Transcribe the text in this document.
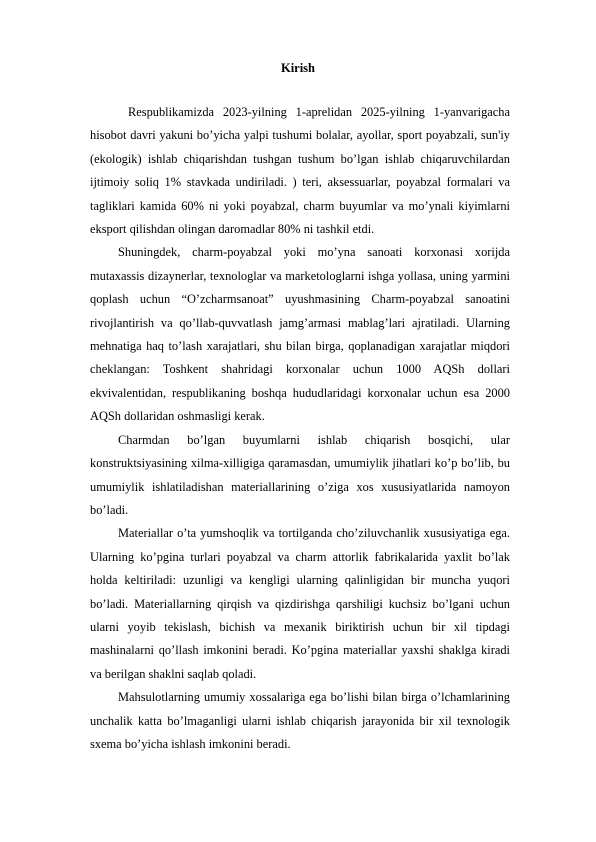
Kirish

Respublikamizda 2023-yilning 1-aprelidan 2025-yilning 1-yanvarigacha hisobot davri yakuni bo’yicha yalpi tushumi bolalar, ayollar, sport poyabzali, sun'iy (ekologik) ishlab chiqarishdan tushgan tushum bo’lgan ishlab chiqaruvchilardan ijtimoiy soliq 1% stavkada undiriladi. ) teri, aksessuarlar, poyabzal formalari va tagliklari kamida 60% ni yoki poyabzal, charm buyumlar va mo’ynali kiyimlarni eksport qilishdan olingan daromadlar 80% ni tashkil etdi.

Shuningdek, charm-poyabzal yoki mo’yna sanoati korxonasi xorijda mutaxassis dizaynerlar, texnologlar va marketologlarni ishga yollasa, uning yarmini qoplash uchun “O’zcharmsanoat” uyushmasining Charm-poyabzal sanoatini rivojlantirish va qo’llab-quvvatlash jamg’armasi mablag’lari ajratiladi. Ularning mehnatiga haq to’lash xarajatlari, shu bilan birga, qoplanadigan xarajatlar miqdori cheklangan: Toshkent shahridagi korxonalar uchun 1000 AQSh dollari ekvivalentidan, respublikaning boshqa hududlaridagi korxonalar uchun esa 2000 AQSh dollaridan oshmasligi kerak.

Charmdan bo’lgan buyumlarni ishlab chiqarish bosqichi, ular konstruktsiyasining xilma-xilligiga qaramasdan, umumiylik jihatlari ko’p bo’lib, bu umumiylik ishlatiladishan materiallarining o’ziga xos xususiyatlarida namoyon bo’ladi.

Materiallar o’ta yumshoqlik va tortilganda cho’ziluvchanlik xususiyatiga ega. Ularning ko’pgina turlari poyabzal va charm attorlik fabrikalarida yaxlit bo’lak holda keltiriladi: uzunligi va kengligi ularning qalinligidan bir muncha yuqori bo’ladi. Materiallarning qirqish va qizdirishga qarshiligi kuchsiz bo’lgani uchun ularni yoyib tekislash, bichish va mexanik biriktirish uchun bir xil tipdagi mashinalarni qo’llash imkonini beradi. Ko’pgina materiallar yaxshi shaklga kiradi va berilgan shaklni saqlab qoladi.

Mahsulotlarning umumiy xossalariga ega bo’lishi bilan birga o’lchamlarining unchalik katta bo’lmaganligi ularni ishlab chiqarish jarayonida bir xil texnologik sxema bo’yicha ishlash imkonini beradi.
